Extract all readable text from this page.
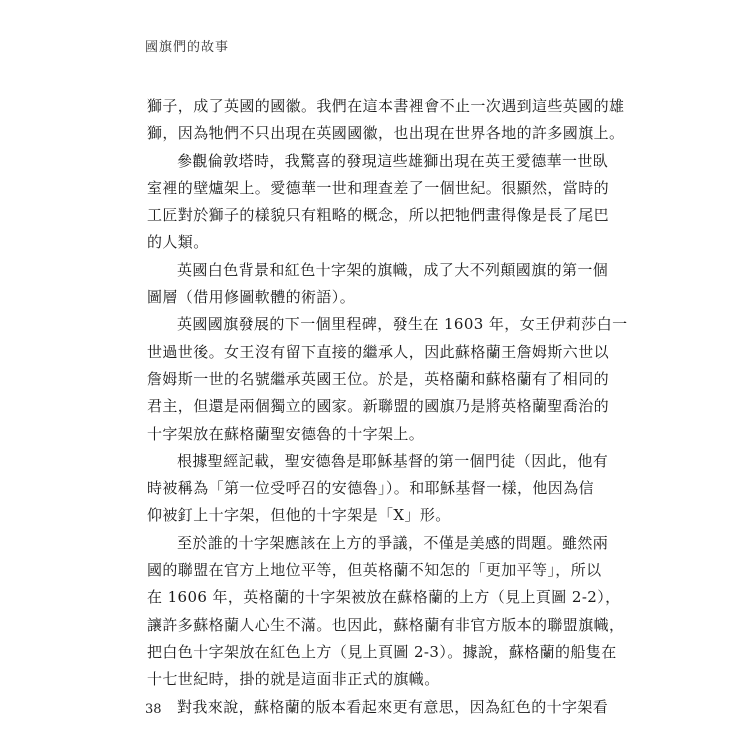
國旗們的故事
獅子，成了英國的國徽。我們在這本書裡會不止一次遇到這些英國的雄
獅，因為牠們不只出現在英國國徽，也出現在世界各地的許多國旗上。
參觀倫敦塔時，我驚喜的發現這些雄獅出現在英王愛德華一世臥
室裡的壁爐架上。愛德華一世和理查差了一個世紀。很顯然，當時的
工匠對於獅子的樣貌只有粗略的概念，所以把牠們畫得像是長了尾巴
的人類。
英國白色背景和紅色十字架的旗幟，成了大不列顛國旗的第一個
圖層（借用修圖軟體的術語）。
英國國旗發展的下一個里程碑，發生在 1603 年，女王伊莉莎白一
世過世後。女王沒有留下直接的繼承人，因此蘇格蘭王詹姆斯六世以
詹姆斯一世的名號繼承英國王位。於是，英格蘭和蘇格蘭有了相同的
君主，但還是兩個獨立的國家。新聯盟的國旗乃是將英格蘭聖喬治的
十字架放在蘇格蘭聖安德魯的十字架上。
根據聖經記載，聖安德魯是耶穌基督的第一個門徒（因此，他有
時被稱為「第一位受呼召的安德魯」）。和耶穌基督一樣，他因為信
仰被釘上十字架，但他的十字架是「X」形。
至於誰的十字架應該在上方的爭議，不僅是美感的問題。雖然兩
國的聯盟在官方上地位平等，但英格蘭不知怎的「更加平等」，所以
在 1606 年，英格蘭的十字架被放在蘇格蘭的上方（見上頁圖 2-2），
讓許多蘇格蘭人心生不滿。也因此，蘇格蘭有非官方版本的聯盟旗幟，
把白色十字架放在紅色上方（見上頁圖 2-3）。據說，蘇格蘭的船隻在
十七世紀時，掛的就是這面非正式的旗幟。
對我來說，蘇格蘭的版本看起來更有意思，因為紅色的十字架看
38
